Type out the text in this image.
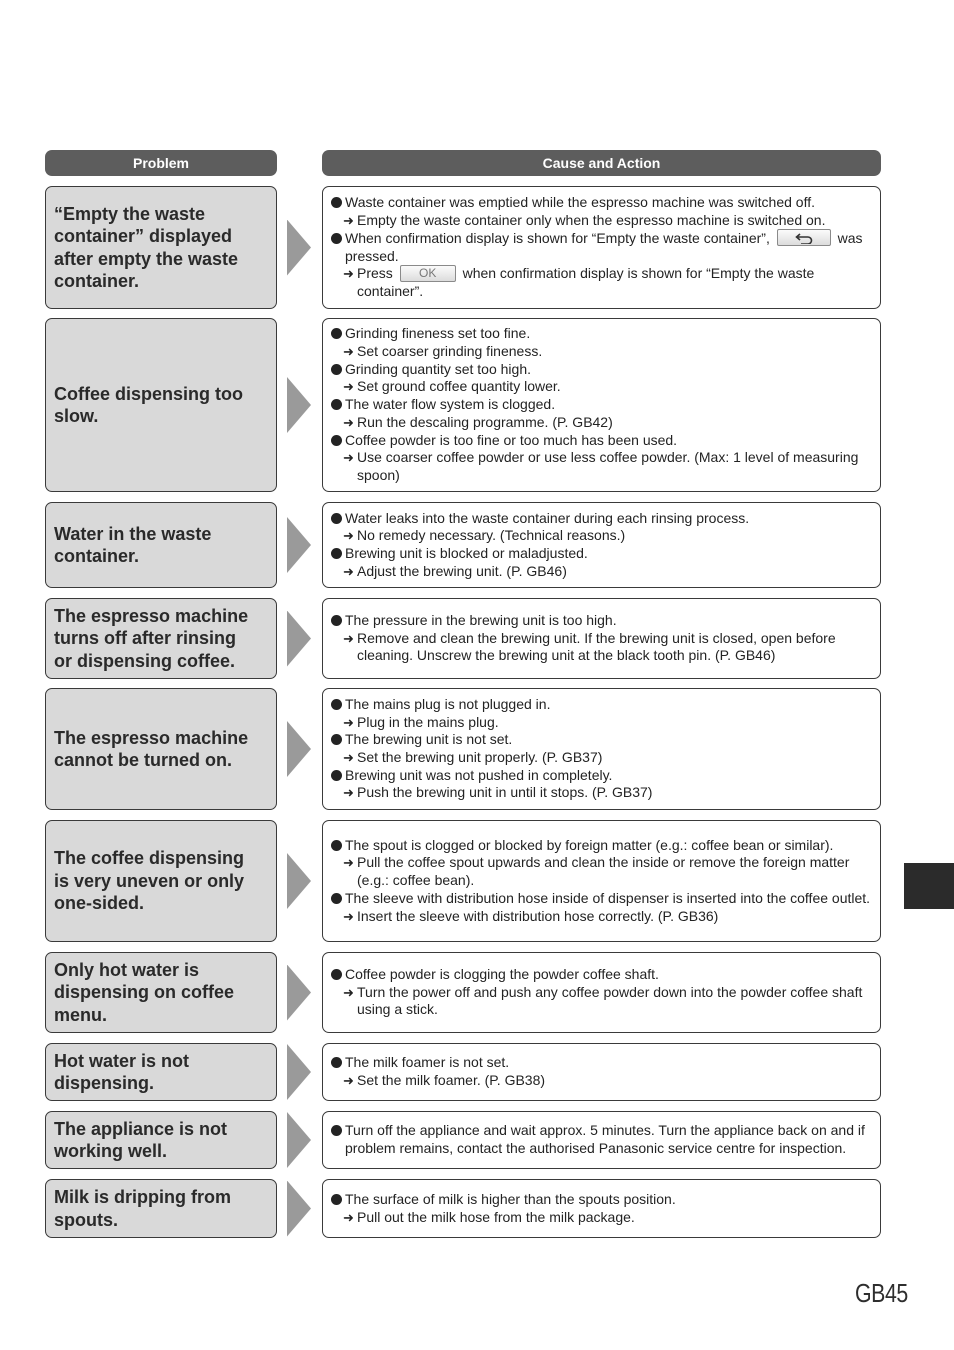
Problem	Cause and Action
“Empty the waste
container” displayed
after empty the waste
container.
Waste container was emptied while the espresso machine was switched off.
➜ Empty the waste container only when the espresso machine is switched on.
When confirmation display is shown for “Empty the waste container”,	was pressed.
➜ Press OK when confirmation display is shown for “Empty the waste container”.
Coffee dispensing too
slow.
Grinding fineness set too fine.
➜ Set coarser grinding fineness.
Grinding quantity set too high.
➜ Set ground coffee quantity lower.
The water flow system is clogged.
➜ Run the descaling programme. (P. GB42)
Coffee powder is too fine or too much has been used.
➜ Use coarser coffee powder or use less coffee powder. (Max: 1 level of measuring spoon)
Water in the waste
container.
Water leaks into the waste container during each rinsing process.
➜ No remedy necessary. (Technical reasons.)
Brewing unit is blocked or maladjusted.
➜ Adjust the brewing unit. (P. GB46)
The espresso machine
turns off after rinsing
or dispensing coffee.
The pressure in the brewing unit is too high.
➜ Remove and clean the brewing unit. If the brewing unit is closed, open before cleaning. Unscrew the brewing unit at the black tooth pin. (P. GB46)
The espresso machine
cannot be turned on.
The mains plug is not plugged in.
➜ Plug in the mains plug.
The brewing unit is not set.
➜ Set the brewing unit properly. (P. GB37)
Brewing unit was not pushed in completely.
➜ Push the brewing unit in until it stops. (P. GB37)
The coffee dispensing
is very uneven or only
one-sided.
The spout is clogged or blocked by foreign matter (e.g.: coffee bean or similar).
➜ Pull the coffee spout upwards and clean the inside or remove the foreign matter (e.g.: coffee bean).
The sleeve with distribution hose inside of dispenser is inserted into the coffee outlet.
➜ Insert the sleeve with distribution hose correctly. (P. GB36)
Only hot water is
dispensing on coffee
menu.
Coffee powder is clogging the powder coffee shaft.
➜ Turn the power off and push any coffee powder down into the powder coffee shaft using a stick.
Hot water is not
dispensing.
The milk foamer is not set.
➜ Set the milk foamer. (P. GB38)
The appliance is not
working well.
Turn off the appliance and wait approx. 5 minutes. Turn the appliance back on and if problem remains, contact the authorised Panasonic service centre for inspection.
Milk is dripping from
spouts.
The surface of milk is higher than the spouts position.
➜ Pull out the milk hose from the milk package.
GB45
